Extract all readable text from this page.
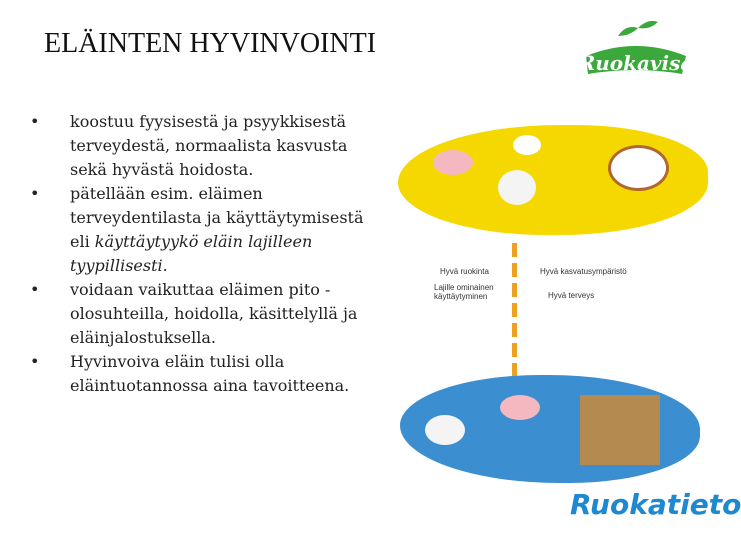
ELÄINTEN HYVINVOINTI
• koostuu fyysisestä ja psyykkisestä terveydestä, normaalista kasvusta sekä hyvästä hoidosta.
• pätellään esim. eläimen terveydentilasta ja käyttäytymisestä eli käyttäytyykö eläin lajilleen tyypillisesti.
• voidaan vaikuttaa eläimen pito -olosuhteilla, hoidolla, käsittelyllä ja eläinjalostuksella.
• Hyvinvoiva eläin tulisi olla eläintuotannossa aina tavoitteena.
Ruokavisa
Hyvä ruokinta	Hyvä kasvatusympäristö
Lajille ominainen käyttäytyminen	Hyvä terveys
Ruokatieto
